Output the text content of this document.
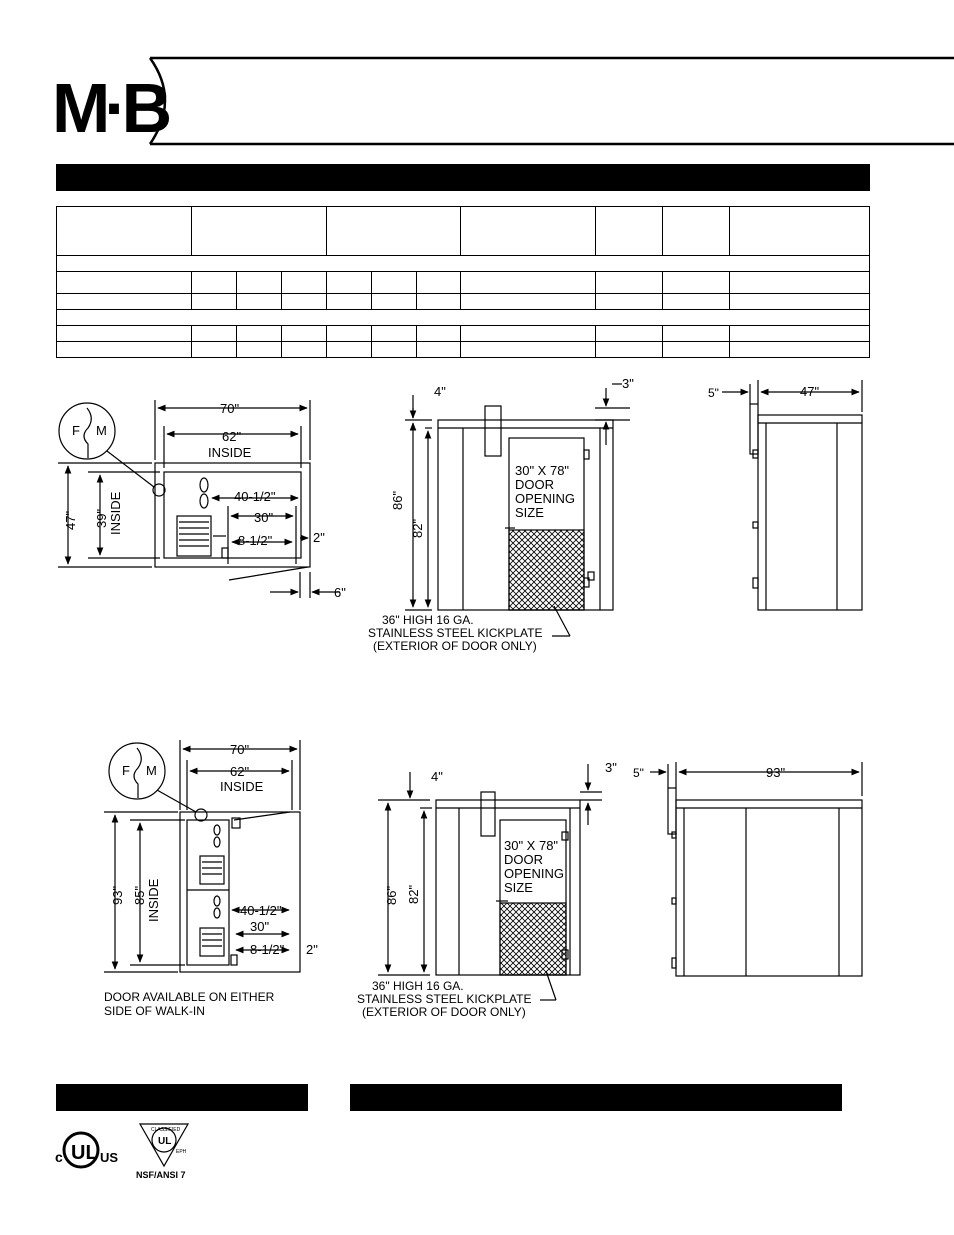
M·B

F M
70"
62"
INSIDE
47" 39" INSIDE	40-1/2"
30"
8-1/2"	2"
6"
4"
3"
86"
82"
30" X 78"
DOOR
OPENING
SIZE
36" HIGH 16 GA.
STAINLESS STEEL KICKPLATE
(EXTERIOR OF DOOR ONLY)
5"	47"
F M
70"
62"
INSIDE
93" 85" INSIDE	40-1/2"
30"
8-1/2" 2"
DOOR AVAILABLE ON EITHER
SIDE OF WALK-IN
4"
3"
86" 82"
30" X 78"
DOOR
OPENING
SIZE
36" HIGH 16 GA.
STAINLESS STEEL KICKPLATE
(EXTERIOR OF DOOR ONLY)
5"	93"
UL
c	US
CLASSIFIED
UL
EPH
NSF/ANSI 7
